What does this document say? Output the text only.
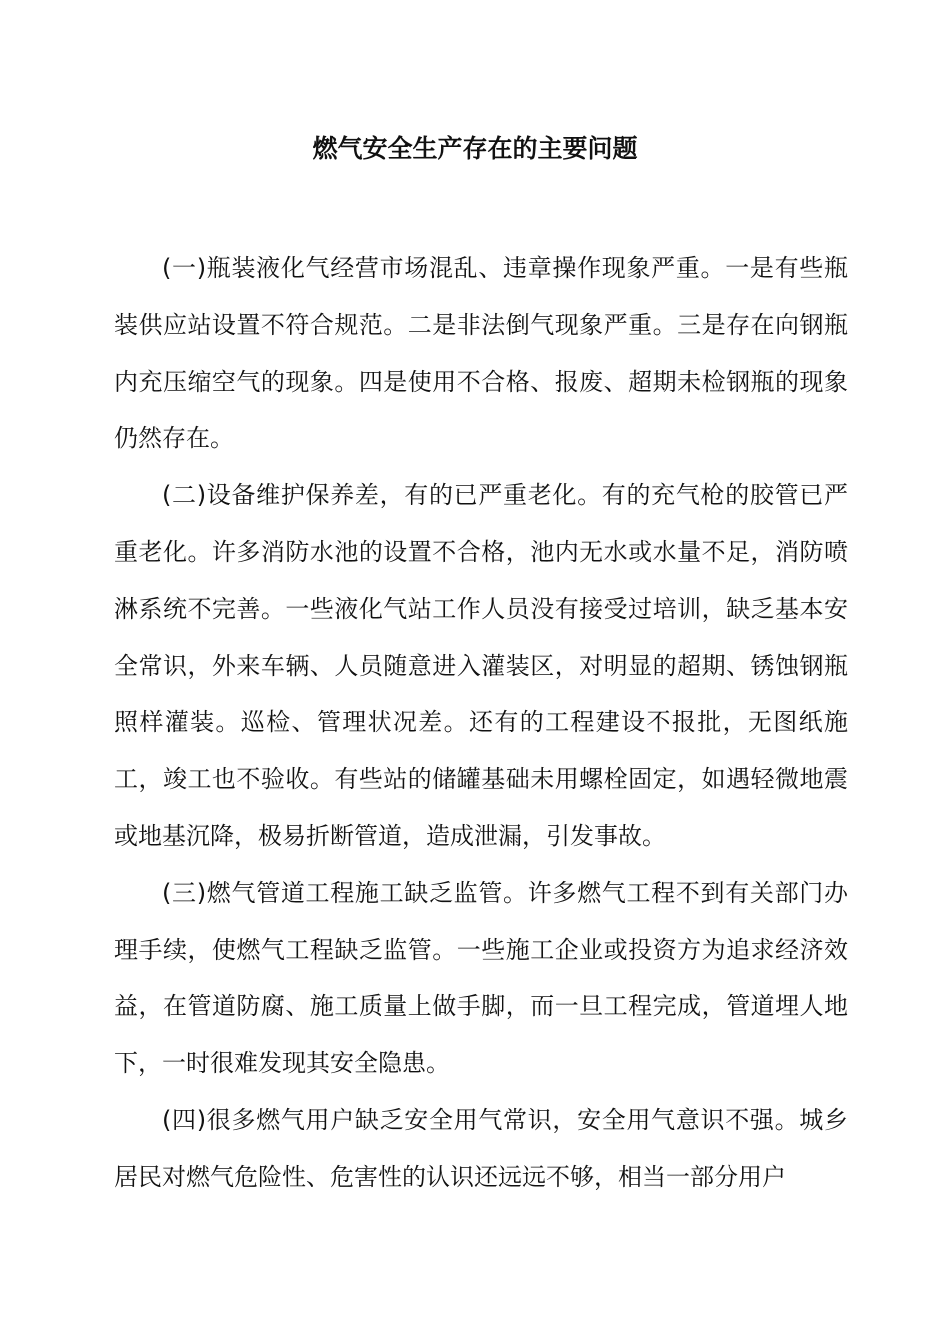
燃气安全生产存在的主要问题

(一)瓶装液化气经营市场混乱、违章操作现象严重。一是有些瓶装供应站设置不符合规范。二是非法倒气现象严重。三是存在向钢瓶内充压缩空气的现象。四是使用不合格、报废、超期未检钢瓶的现象仍然存在。

(二)设备维护保养差，有的已严重老化。有的充气枪的胶管已严重老化。许多消防水池的设置不合格，池内无水或水量不足，消防喷淋系统不完善。一些液化气站工作人员没有接受过培训，缺乏基本安全常识，外来车辆、人员随意进入灌装区，对明显的超期、锈蚀钢瓶照样灌装。巡检、管理状况差。还有的工程建设不报批，无图纸施工，竣工也不验收。有些站的储罐基础未用螺栓固定，如遇轻微地震或地基沉降，极易折断管道，造成泄漏，引发事故。

(三)燃气管道工程施工缺乏监管。许多燃气工程不到有关部门办理手续，使燃气工程缺乏监管。一些施工企业或投资方为追求经济效益，在管道防腐、施工质量上做手脚，而一旦工程完成，管道埋人地下，一时很难发现其安全隐患。

(四)很多燃气用户缺乏安全用气常识，安全用气意识不强。城乡居民对燃气危险性、危害性的认识还远远不够，相当一部分用户
